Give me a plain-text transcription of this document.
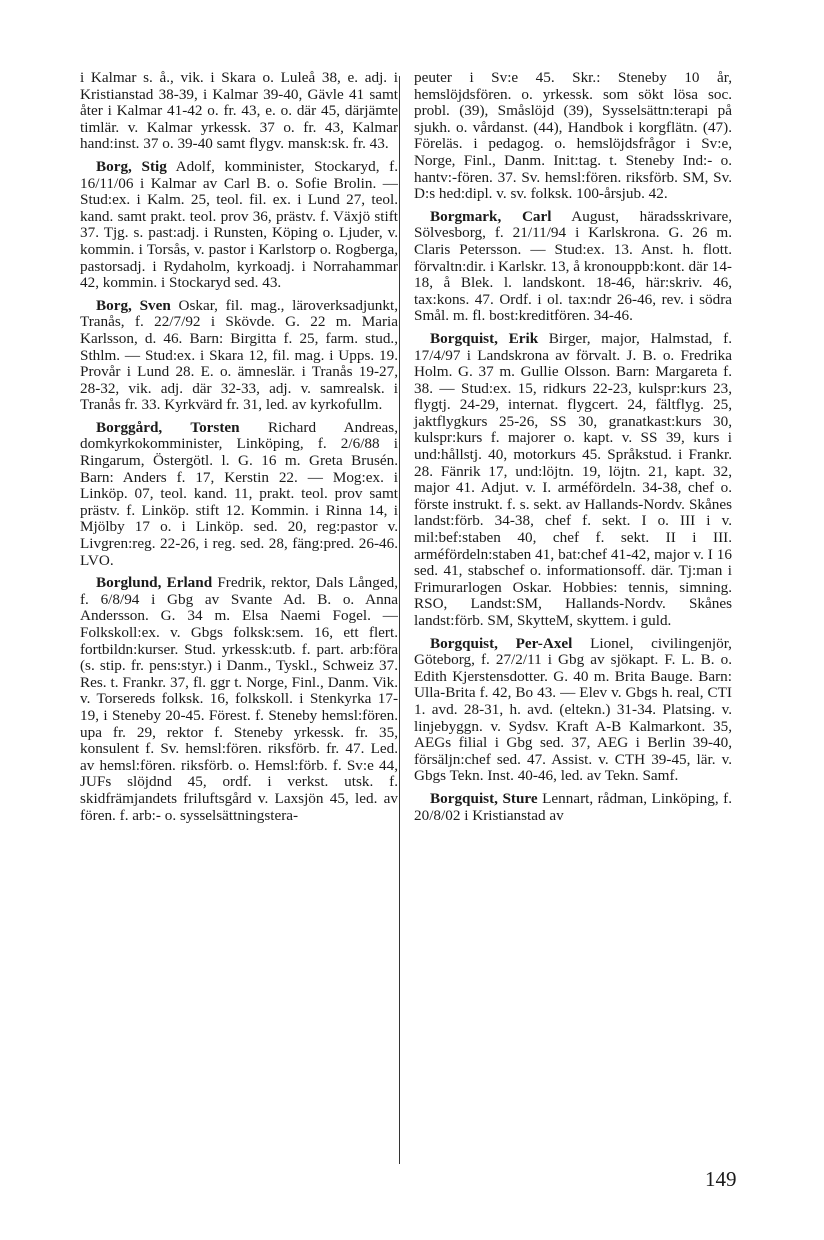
i Kalmar s. å., vik. i Skara o. Luleå 38, e. adj. i Kristianstad 38-39, i Kalmar 39-40, Gävle 41 samt åter i Kalmar 41-42 o. fr. 43, e. o. där 45, därjämte timlär. v. Kalmar yrkessk. 37 o. fr. 43, Kalmar hand:inst. 37 o. 39-40 samt flygv. mansk:sk. fr. 43.

Borg, Stig Adolf, komminister, Stockaryd, f. 16/11/06 i Kalmar av Carl B. o. Sofie Brolin. — Stud:ex. i Kalm. 25, teol. fil. ex. i Lund 27, teol. kand. samt prakt. teol. prov 36, prästv. f. Växjö stift 37. Tjg. s. past:adj. i Runsten, Köping o. Ljuder, v. kommin. i Torsås, v. pastor i Karlstorp o. Rogberga, pastorsadj. i Rydaholm, kyrkoadj. i Norrahammar 42, kommin. i Stockaryd sed. 43.

Borg, Sven Oskar, fil. mag., läroverksadjunkt, Tranås, f. 22/7/92 i Skövde. G. 22 m. Maria Karlsson, d. 46. Barn: Birgitta f. 25, farm. stud., Sthlm. — Stud:ex. i Skara 12, fil. mag. i Upps. 19. Provår i Lund 28. E. o. ämneslär. i Tranås 19-27, 28-32, vik. adj. där 32-33, adj. v. samrealsk. i Tranås fr. 33. Kyrkvärd fr. 31, led. av kyrkofullm.

Borggård, Torsten Richard Andreas, domkyrkokomminister, Linköping, f. 2/6/88 i Ringarum, Östergötl. l. G. 16 m. Greta Brusén. Barn: Anders f. 17, Kerstin 22. — Mog:ex. i Linköp. 07, teol. kand. 11, prakt. teol. prov samt prästv. f. Linköp. stift 12. Kommin. i Rinna 14, i Mjölby 17 o. i Linköp. sed. 20, reg:pastor v. Livgren:reg. 22-26, i reg. sed. 28, fäng:pred. 26-46. LVO.

Borglund, Erland Fredrik, rektor, Dals Långed, f. 6/8/94 i Gbg av Svante Ad. B. o. Anna Andersson. G. 34 m. Elsa Naemi Fogel. — Folkskoll:ex. v. Gbgs folksk:sem. 16, ett flert. fortbildn:kurser. Stud. yrkessk:utb. f. part. arb:föra (s. stip. fr. pens:styr.) i Danm., Tyskl., Schweiz 37. Res. t. Frankr. 37, fl. ggr t. Norge, Finl., Danm. Vik. v. Torsereds folksk. 16, folkskoll. i Stenkyrka 17-19, i Steneby 20-45. Förest. f. Steneby hemsl:fören. upa fr. 29, rektor f. Steneby yrkessk. fr. 35, konsulent f. Sv. hemsl:fören. riksförb. fr. 47. Led. av hemsl:fören. riksförb. o. Hemsl:förb. f. Sv:e 44, JUFs slöjdnd 45, ordf. i verkst. utsk. f. skidfrämjandets friluftsgård v. Laxsjön 45, led. av fören. f. arb:- o. sysselsättningstera-

peuter i Sv:e 45. Skr.: Steneby 10 år, hemslöjdsfören. o. yrkessk. som sökt lösa soc. probl. (39), Småslöjd (39), Sysselsättn:terapi på sjukh. o. vårdanst. (44), Handbok i korgflätn. (47). Föreläs. i pedagog. o. hemslöjdsfrågor i Sv:e, Norge, Finl., Danm. Init:tag. t. Steneby Ind:- o. hantv:-fören. 37. Sv. hemsl:fören. riksförb. SM, Sv. D:s hed:dipl. v. sv. folksk. 100-årsjub. 42.

Borgmark, Carl August, häradsskrivare, Sölvesborg, f. 21/11/94 i Karlskrona. G. 26 m. Claris Petersson. — Stud:ex. 13. Anst. h. flott. förvaltn:dir. i Karlskr. 13, å kronouppb:kont. där 14-18, å Blek. l. landskont. 18-46, här:skriv. 46, tax:kons. 47. Ordf. i ol. tax:ndr 26-46, rev. i södra Smål. m. fl. bost:kreditfören. 34-46.

Borgquist, Erik Birger, major, Halmstad, f. 17/4/97 i Landskrona av förvalt. J. B. o. Fredrika Holm. G. 37 m. Gullie Olsson. Barn: Margareta f. 38. — Stud:ex. 15, ridkurs 22-23, kulspr:kurs 23, flygtj. 24-29, internat. flygcert. 24, fältflyg. 25, jaktflygkurs 25-26, SS 30, granatkast:kurs 30, kulspr:kurs f. majorer o. kapt. v. SS 39, kurs i und:hållstj. 40, motorkurs 45. Språkstud. i Frankr. 28. Fänrik 17, und:löjtn. 19, löjtn. 21, kapt. 32, major 41. Adjut. v. I. arméfördeln. 34-38, chef o. förste instrukt. f. s. sekt. av Hallands-Nordv. Skånes landst:förb. 34-38, chef f. sekt. I o. III i v. mil:bef:staben 40, chef f. sekt. II i III. arméfördeln:staben 41, bat:chef 41-42, major v. I 16 sed. 41, stabschef o. informationsoff. där. Tj:man i Frimurarlogen Oskar. Hobbies: tennis, simning. RSO, Landst:SM, Hallands-Nordv. Skånes landst:förb. SM, SkyttеM, skyttem. i guld.

Borgquist, Per-Axel Lionel, civilingenjör, Göteborg, f. 27/2/11 i Gbg av sjökapt. F. L. B. o. Edith Kjerstensdotter. G. 40 m. Brita Bauge. Barn: Ulla-Brita f. 42, Bo 43. — Elev v. Gbgs h. real, CTI 1. avd. 28-31, h. avd. (eltekn.) 31-34. Platsing. v. linjebyggn. v. Sydsv. Kraft A-B Kalmarkont. 35, AEGs filial i Gbg sed. 37, AEG i Berlin 39-40, försäljn:chef sed. 47. Assist. v. CTH 39-45, lär. v. Gbgs Tekn. Inst. 40-46, led. av Tekn. Samf.

Borgquist, Sture Lennart, rådman, Linköping, f. 20/8/02 i Kristianstad av

149
